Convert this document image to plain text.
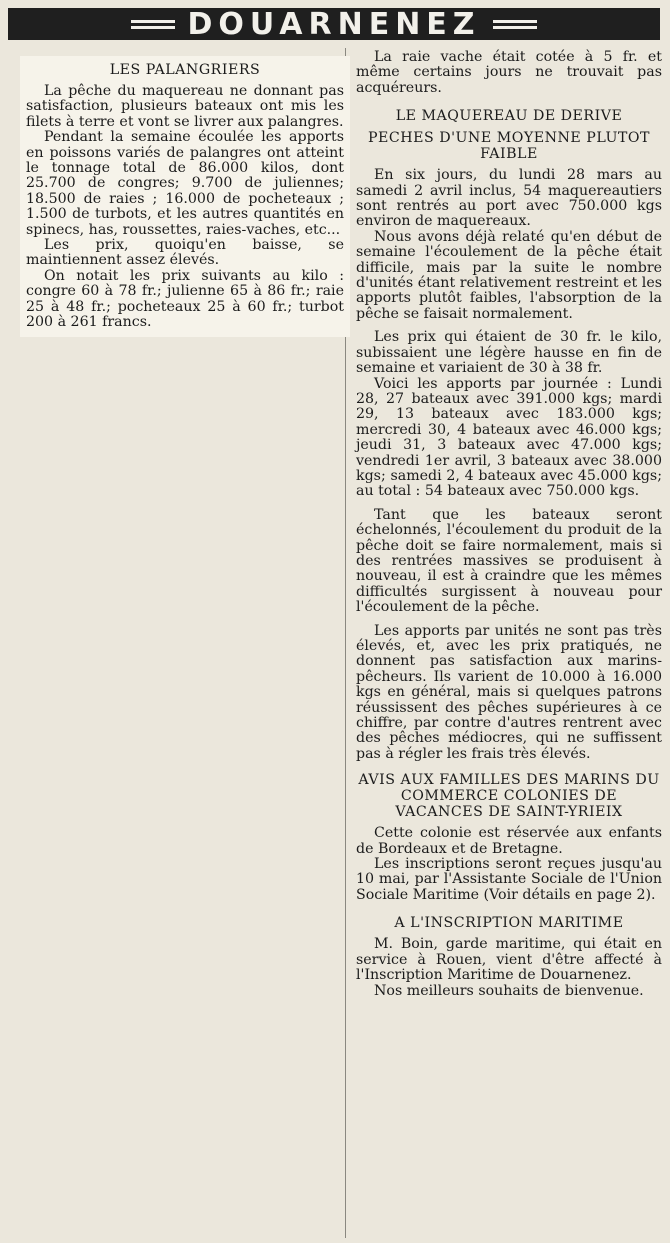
DOUARNENEZ
LES PALANGRIERS

La pêche du maquereau ne donnant pas satisfaction, plusieurs bateaux ont mis les filets à terre et vont se livrer aux palangres.

Pendant la semaine écoulée les apports en poissons variés de palangres ont atteint le tonnage total de 86.000 kilos, dont 25.700 de congres; 9.700 de juliennes; 18.500 de raies ; 16.000 de pocheteaux ; 1.500 de turbots, et les autres quantités en spinecs, has, roussettes, raies-vaches, etc...

Les prix, quoiqu'en baisse, se maintiennent assez élevés.

On notait les prix suivants au kilo : congre 60 à 78 fr.; julienne 65 à 86 fr.; raie 25 à 48 fr.; pocheteaux 25 à 60 fr.; turbot 200 à 261 francs.

La raie vache était cotée à 5 fr. et même certains jours ne trouvait pas acquéreurs.

LE MAQUEREAU DE DERIVE
PECHES D'UNE MOYENNE PLUTOT FAIBLE

En six jours, du lundi 28 mars au samedi 2 avril inclus, 54 maquereautiers sont rentrés au port avec 750.000 kgs environ de maquereaux.

Nous avons déjà relaté qu'en début de semaine l'écoulement de la pêche était difficile, mais par la suite le nombre d'unités étant relativement restreint et les apports plutôt faibles, l'absorption de la pêche se faisait normalement.

Les prix qui étaient de 30 fr. le kilo, subissaient une légère hausse en fin de semaine et variaient de 30 à 38 fr.

Voici les apports par journée : Lundi 28, 27 bateaux avec 391.000 kgs; mardi 29, 13 bateaux avec 183.000 kgs; mercredi 30, 4 bateaux avec 46.000 kgs; jeudi 31, 3 bateaux avec 47.000 kgs; vendredi 1er avril, 3 bateaux avec 38.000 kgs; samedi 2, 4 bateaux avec 45.000 kgs; au total : 54 bateaux avec 750.000 kgs.

Tant que les bateaux seront échelonnés, l'écoulement du produit de la pêche doit se faire normalement, mais si des rentrées massives se produisent à nouveau, il est à craindre que les mêmes difficultés surgissent à nouveau pour l'écoulement de la pêche.

Les apports par unités ne sont pas très élevés, et, avec les prix pratiqués, ne donnent pas satisfaction aux marins-pêcheurs. Ils varient de 10.000 à 16.000 kgs en général, mais si quelques patrons réussissent des pêches supérieures à ce chiffre, par contre d'autres rentrent avec des pêches médiocres, qui ne suffissent pas à régler les frais très élevés.

AVIS AUX FAMILLES DES MARINS DU COMMERCE COLONIES DE VACANCES DE SAINT-YRIEIX

Cette colonie est réservée aux enfants de Bordeaux et de Bretagne.

Les inscriptions seront reçues jusqu'au 10 mai, par l'Assistante Sociale de l'Union Sociale Maritime (Voir détails en page 2).

A L'INSCRIPTION MARITIME

M. Boin, garde maritime, qui était en service à Rouen, vient d'être affecté à l'Inscription Maritime de Douarnenez.

Nos meilleurs souhaits de bienvenue.
